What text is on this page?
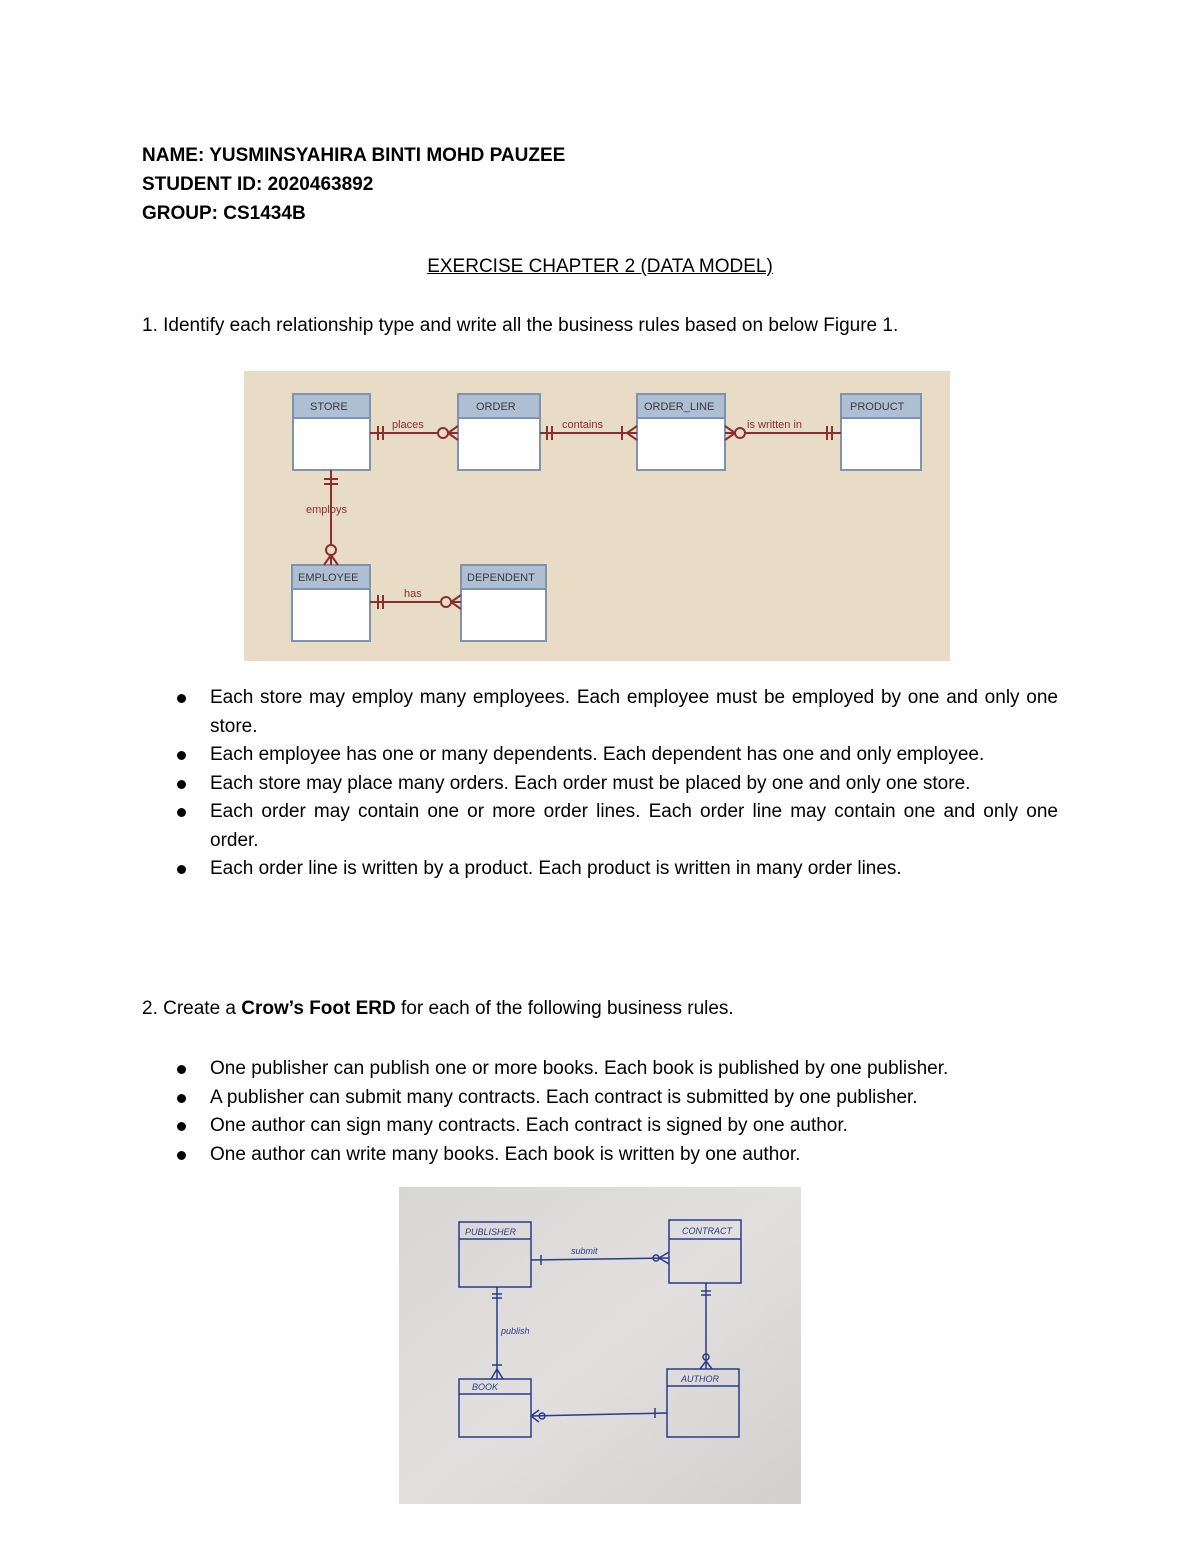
NAME: YUSMINSYAHIRA BINTI MOHD PAUZEE
STUDENT ID: 2020463892
GROUP: CS1434B
EXERCISE CHAPTER 2 (DATA MODEL)
1. Identify each relationship type and write all the business rules based on below Figure 1.
STORE	ORDER	ORDER_LINE	PRODUCT
EMPLOYEE	DEPENDENT
places	contains	is written in
employs
has
Each store may employ many employees. Each employee must be employed by one and only one store.
Each employee has one or many dependents. Each dependent has one and only employee.
Each store may place many orders. Each order must be placed by one and only one store.
Each order may contain one or more order lines. Each order line may contain one and only one order.
Each order line is written by a product. Each product is written in many order lines.
2. Create a Crow’s Foot ERD for each of the following business rules.
One publisher can publish one or more books. Each book is published by one publisher.
A publisher can submit many contracts. Each contract is submitted by one publisher.
One author can sign many contracts. Each contract is signed by one author.
One author can write many books. Each book is written by one author.
PUBLISHER	CONTRACT
BOOK
AUTHOR
submit
publish
